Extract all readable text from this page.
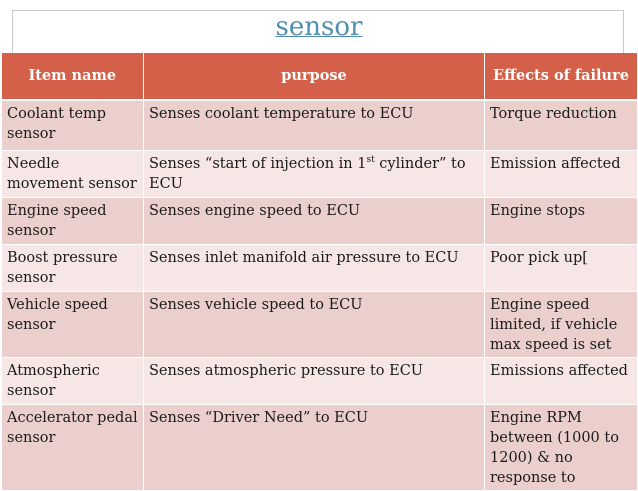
sensor
Item name	purpose	Effects of failure
Coolant temp sensor	Senses coolant temperature to ECU	Torque reduction
Needle movement sensor	Senses “start of injection in 1st cylinder” to ECU	Emission affected
Engine speed sensor	Senses engine speed to ECU	Engine stops
Boost pressure sensor	Senses inlet manifold air pressure to ECU	Poor pick up[
Vehicle speed sensor	Senses vehicle speed to ECU	Engine speed limited, if vehicle max speed is set
Atmospheric sensor	Senses atmospheric pressure to ECU	Emissions affected
Accelerator pedal sensor	Senses “Driver Need” to ECU	Engine RPM between (1000 to 1200) & no response to
